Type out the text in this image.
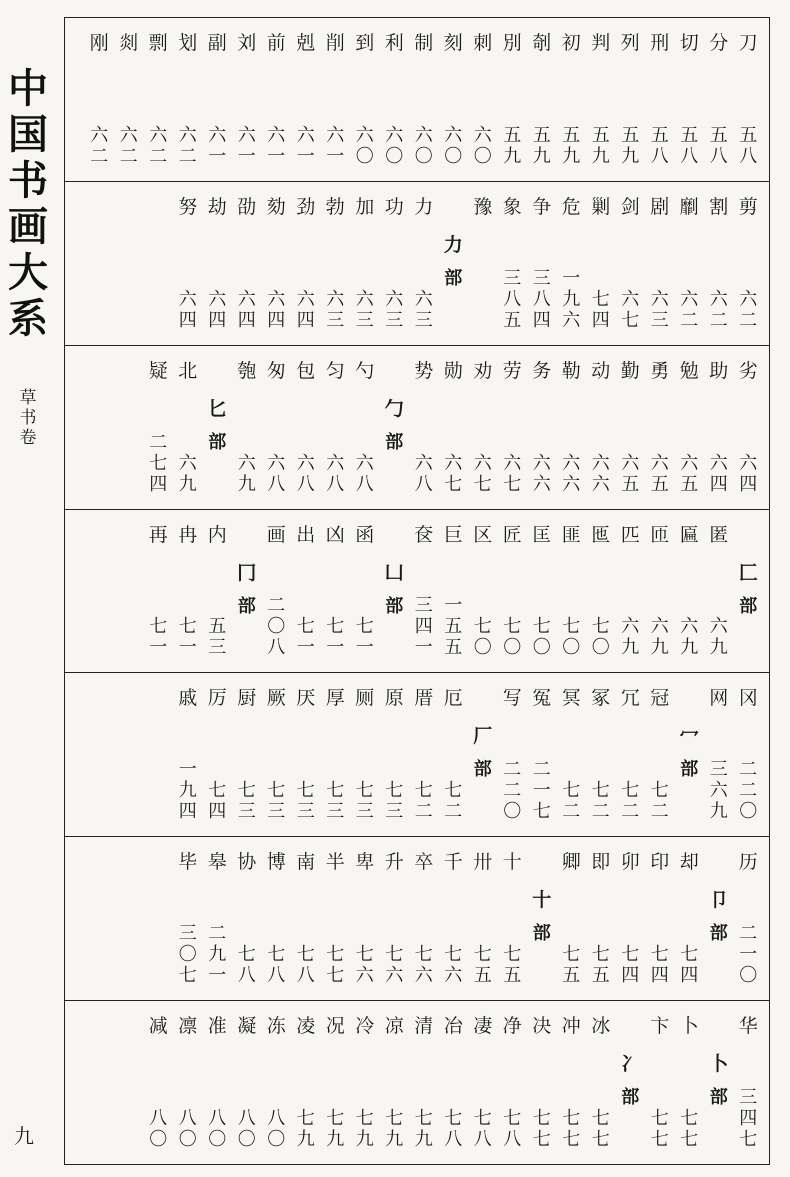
中
国
书
画
大
系
草
书
卷
九
刀
五
八
分
五
八
切
五
八
刑
五
八
列
五
九
判
五
九
初
五
九
剞
五
九
別
五
九
刺
六
〇
刻
六
〇
制
六
〇
利
六
〇
到
六
〇
削
六
一
剋
六
一
前
六
一
刘
六
一
副
六
一
划
六
二
剽
六
二
剡
六
二
刚
六
二
剪
六
二
割
六
二
劘
六
二
剧
六
三
剑
六
七
剿
七
四
危
一
九
六
争
三
八
四
象
三
八
五
豫
力
部
力
六
三
功
六
三
加
六
三
勃
六
三
劲
六
四
劾
六
四
劭
六
四
劫
六
四
努
六
四
劣
六
四
助
六
四
勉
六
五
勇
六
五
勤
六
五
动
六
六
勒
六
六
务
六
六
劳
六
七
劝
六
七
勋
六
七
势
六
八
勹
部
勺
六
八
匀
六
八
包
六
八
匆
六
八
匏
六
九
匕
部
北
六
九
疑
二
七
四
匚
部
匿
六
九
匾
六
九
匝
六
九
匹
六
九
匜
七
〇
匪
七
〇
匡
七
〇
匠
七
〇
区
七
〇
巨
一
五
五
奁
三
四
一
凵
部
函
七
一
凶
七
一
出
七
一
画
二
〇
八
冂
部
内
五
三
冉
七
一
再
七
一
冈
二
二
〇
网
三
六
九
冖
部
冠
七
二
冗
七
二
冢
七
二
冥
七
二
冤
二
一
七
写
二
二
〇
厂
部
厄
七
二
厝
七
二
原
七
三
厕
七
三
厚
七
三
厌
七
三
厥
七
三
厨
七
三
厉
七
四
戚
一
九
四
历
二
一
〇
卩
部
却
七
四
印
七
四
卯
七
四
即
七
五
卿
七
五
十
部
十
七
五
卅
七
五
千
七
六
卒
七
六
升
七
六
卑
七
六
半
七
七
南
七
八
博
七
八
协
七
八
皋
二
九
一
毕
三
〇
七
华
三
四
七
卜
部
卜
七
七
卞
七
七
冫
部
冰
七
七
冲
七
七
决
七
七
净
七
八
凄
七
八
冶
七
八
清
七
九
凉
七
九
冷
七
九
况
七
九
凌
七
九
冻
八
〇
凝
八
〇
准
八
〇
凛
八
〇
减
八
〇
